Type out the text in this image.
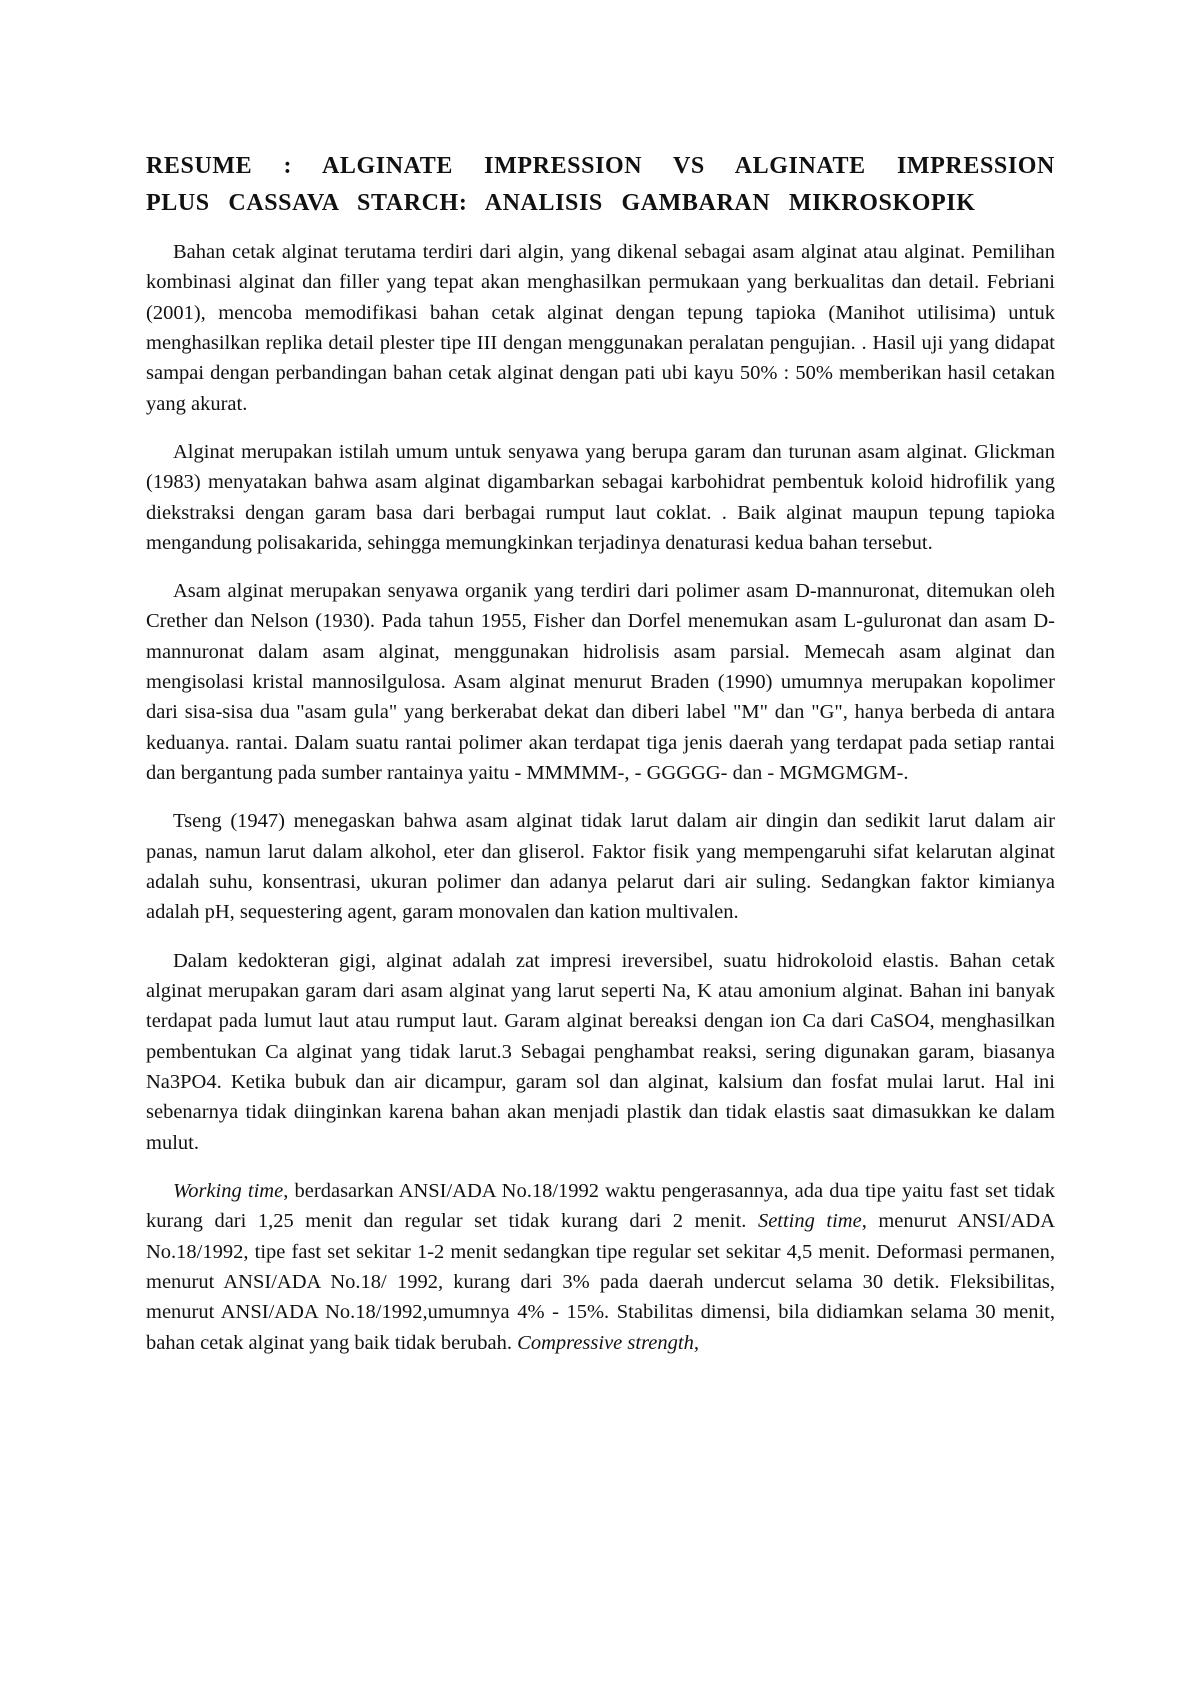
RESUME : ALGINATE IMPRESSION VS ALGINATE IMPRESSION PLUS CASSAVA STARCH: ANALISIS GAMBARAN MIKROSKOPIK

Bahan cetak alginat terutama terdiri dari algin, yang dikenal sebagai asam alginat atau alginat. Pemilihan kombinasi alginat dan filler yang tepat akan menghasilkan permukaan yang berkualitas dan detail. Febriani (2001), mencoba memodifikasi bahan cetak alginat dengan tepung tapioka (Manihot utilisima) untuk menghasilkan replika detail plester tipe III dengan menggunakan peralatan pengujian. . Hasil uji yang didapat sampai dengan perbandingan bahan cetak alginat dengan pati ubi kayu 50% : 50% memberikan hasil cetakan yang akurat.

Alginat merupakan istilah umum untuk senyawa yang berupa garam dan turunan asam alginat. Glickman (1983) menyatakan bahwa asam alginat digambarkan sebagai karbohidrat pembentuk koloid hidrofilik yang diekstraksi dengan garam basa dari berbagai rumput laut coklat. . Baik alginat maupun tepung tapioka mengandung polisakarida, sehingga memungkinkan terjadinya denaturasi kedua bahan tersebut.

Asam alginat merupakan senyawa organik yang terdiri dari polimer asam D-mannuronat, ditemukan oleh Crether dan Nelson (1930). Pada tahun 1955, Fisher dan Dorfel menemukan asam L-guluronat dan asam D-mannuronat dalam asam alginat, menggunakan hidrolisis asam parsial. Memecah asam alginat dan mengisolasi kristal mannosilgulosa. Asam alginat menurut Braden (1990) umumnya merupakan kopolimer dari sisa-sisa dua "asam gula" yang berkerabat dekat dan diberi label "M" dan "G", hanya berbeda di antara keduanya. rantai. Dalam suatu rantai polimer akan terdapat tiga jenis daerah yang terdapat pada setiap rantai dan bergantung pada sumber rantainya yaitu - MMMMM-, - GGGGG- dan - MGMGMGM-.

Tseng (1947) menegaskan bahwa asam alginat tidak larut dalam air dingin dan sedikit larut dalam air panas, namun larut dalam alkohol, eter dan gliserol. Faktor fisik yang mempengaruhi sifat kelarutan alginat adalah suhu, konsentrasi, ukuran polimer dan adanya pelarut dari air suling. Sedangkan faktor kimianya adalah pH, sequestering agent, garam monovalen dan kation multivalen.

Dalam kedokteran gigi, alginat adalah zat impresi ireversibel, suatu hidrokoloid elastis. Bahan cetak alginat merupakan garam dari asam alginat yang larut seperti Na, K atau amonium alginat. Bahan ini banyak terdapat pada lumut laut atau rumput laut. Garam alginat bereaksi dengan ion Ca dari CaSO4, menghasilkan pembentukan Ca alginat yang tidak larut.3 Sebagai penghambat reaksi, sering digunakan garam, biasanya Na3PO4. Ketika bubuk dan air dicampur, garam sol dan alginat, kalsium dan fosfat mulai larut. Hal ini sebenarnya tidak diinginkan karena bahan akan menjadi plastik dan tidak elastis saat dimasukkan ke dalam mulut.

Working time, berdasarkan ANSI/ADA No.18/1992 waktu pengerasannya, ada dua tipe yaitu fast set tidak kurang dari 1,25 menit dan regular set tidak kurang dari 2 menit. Setting time, menurut ANSI/ADA No.18/1992, tipe fast set sekitar 1-2 menit sedangkan tipe regular set sekitar 4,5 menit. Deformasi permanen, menurut ANSI/ADA No.18/ 1992, kurang dari 3% pada daerah undercut selama 30 detik. Fleksibilitas, menurut ANSI/ADA No.18/1992,umumnya 4% - 15%. Stabilitas dimensi, bila didiamkan selama 30 menit, bahan cetak alginat yang baik tidak berubah. Compressive strength,
